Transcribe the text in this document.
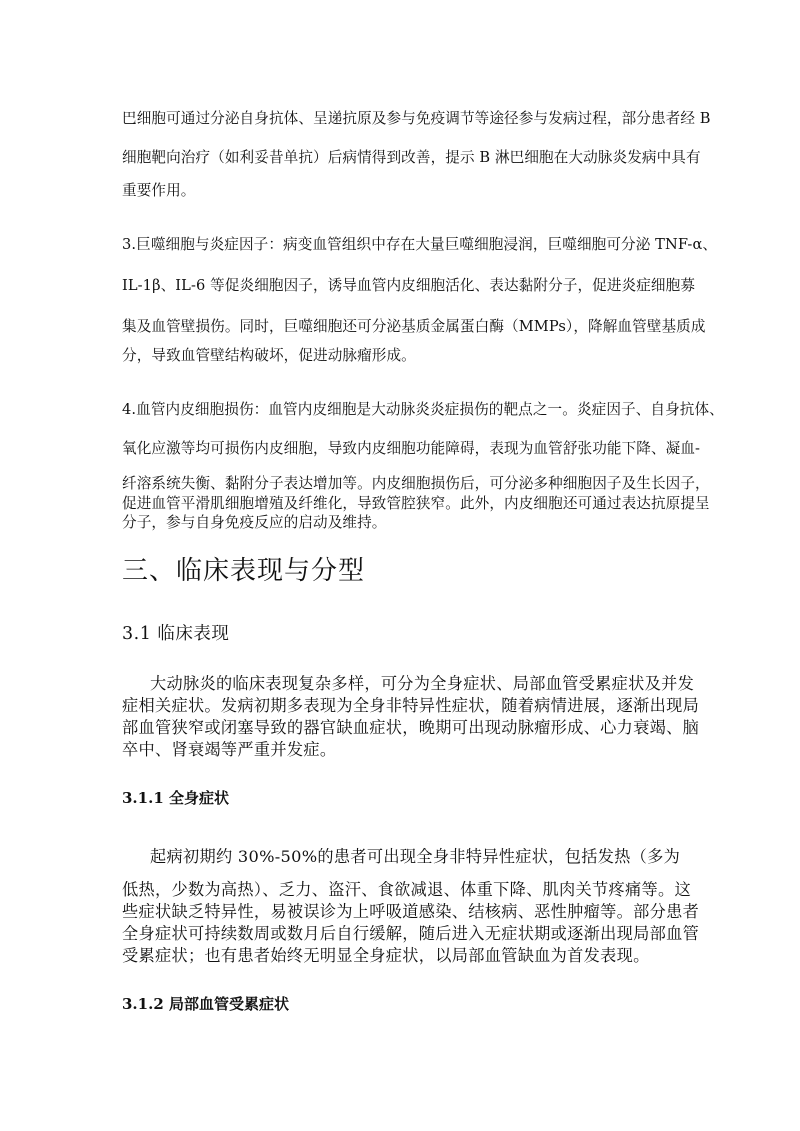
巴细胞可通过分泌自身抗体、呈递抗原及参与免疫调节等途径参与发病过程，部分患者经 B

细胞靶向治疗（如利妥昔单抗）后病情得到改善，提示 B 淋巴细胞在大动脉炎发病中具有

重要作用。

3.巨噬细胞与炎症因子：病变血管组织中存在大量巨噬细胞浸润，巨噬细胞可分泌 TNF-α、

IL-1β、IL-6 等促炎细胞因子，诱导血管内皮细胞活化、表达黏附分子，促进炎症细胞募

集及血管壁损伤。同时，巨噬细胞还可分泌基质金属蛋白酶（MMPs），降解血管壁基质成

分，导致血管壁结构破坏，促进动脉瘤形成。

4.血管内皮细胞损伤：血管内皮细胞是大动脉炎炎症损伤的靶点之一。炎症因子、自身抗体、

氧化应激等均可损伤内皮细胞，导致内皮细胞功能障碍，表现为血管舒张功能下降、凝血-

纤溶系统失衡、黏附分子表达增加等。内皮细胞损伤后，可分泌多种细胞因子及生长因子，

促进血管平滑肌细胞增殖及纤维化，导致管腔狭窄。此外，内皮细胞还可通过表达抗原提呈

分子，参与自身免疫反应的启动及维持。

三、临床表现与分型
3.1 临床表现

大动脉炎的临床表现复杂多样，可分为全身症状、局部血管受累症状及并发

症相关症状。发病初期多表现为全身非特异性症状，随着病情进展，逐渐出现局

部血管狭窄或闭塞导致的器官缺血症状，晚期可出现动脉瘤形成、心力衰竭、脑

卒中、肾衰竭等严重并发症。

3.1.1 全身症状

起病初期约 30%-50%的患者可出现全身非特异性症状，包括发热（多为

低热，少数为高热）、乏力、盗汗、食欲减退、体重下降、肌肉关节疼痛等。这

些症状缺乏特异性，易被误诊为上呼吸道感染、结核病、恶性肿瘤等。部分患者

全身症状可持续数周或数月后自行缓解，随后进入无症状期或逐渐出现局部血管

受累症状；也有患者始终无明显全身症状，以局部血管缺血为首发表现。

3.1.2 局部血管受累症状
